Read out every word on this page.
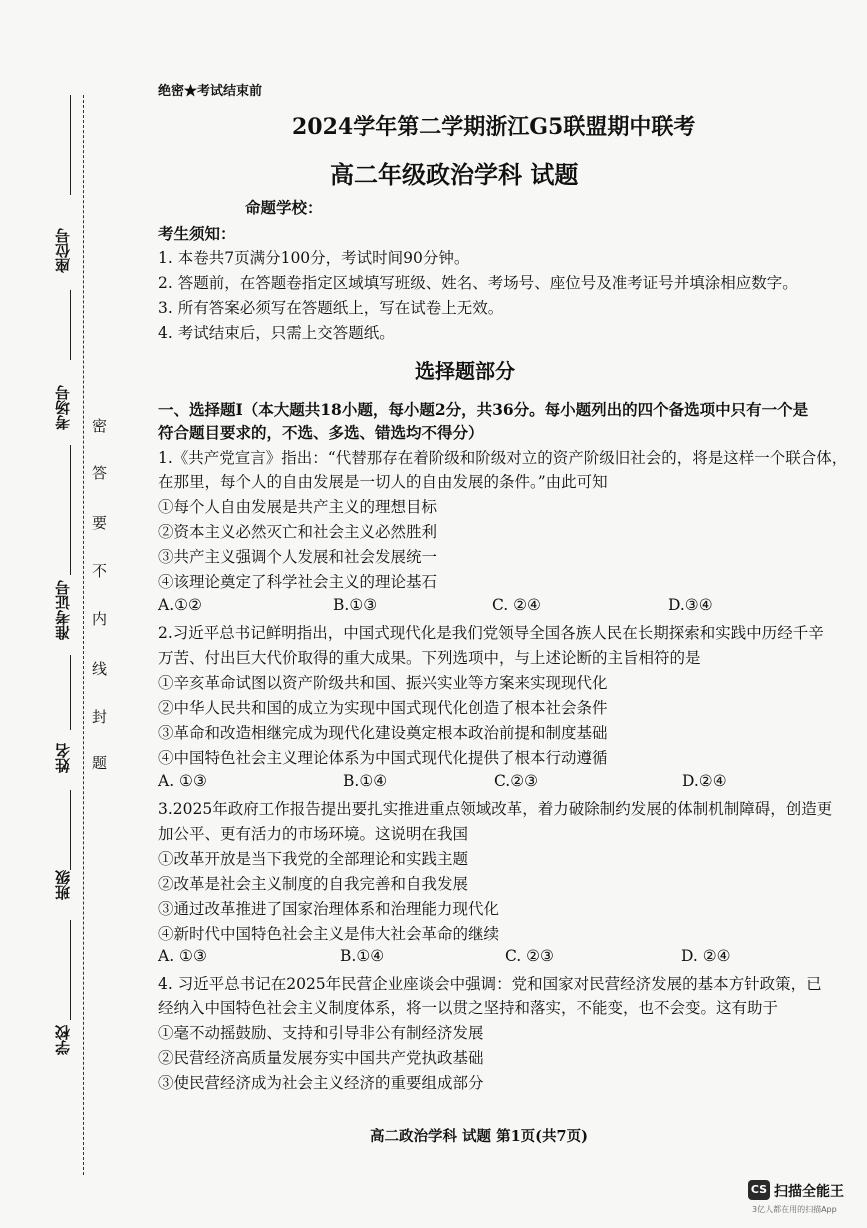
座位号
考场号
准考证号
姓名
班级
学校
密
答
要
不
内
线
封
题
绝密★考试结束前
2024学年第二学期浙江G5联盟期中联考
高二年级政治学科 试题
命题学校：
考生须知：
1. 本卷共7页满分100分，考试时间90分钟。
2. 答题前，在答题卷指定区域填写班级、姓名、考场号、座位号及准考证号并填涂相应数字。
3. 所有答案必须写在答题纸上，写在试卷上无效。
4. 考试结束后，只需上交答题纸。
选择题部分
一、选择题Ⅰ（本大题共18小题，每小题2分，共36分。每小题列出的四个备选项中只有一个是
符合题目要求的，不选、多选、错选均不得分）
1.《共产党宣言》指出：“代替那存在着阶级和阶级对立的资产阶级旧社会的，将是这样一个联合体，
在那里，每个人的自由发展是一切人的自由发展的条件。”由此可知
①每个人自由发展是共产主义的理想目标
②资本主义必然灭亡和社会主义必然胜利
③共产主义强调个人发展和社会发展统一
④该理论奠定了科学社会主义的理论基石
A.①②	B.①③	C. ②④	D.③④
2.习近平总书记鲜明指出，中国式现代化是我们党领导全国各族人民在长期探索和实践中历经千辛
万苦、付出巨大代价取得的重大成果。下列选项中，与上述论断的主旨相符的是
①辛亥革命试图以资产阶级共和国、振兴实业等方案来实现现代化
②中华人民共和国的成立为实现中国式现代化创造了根本社会条件
③革命和改造相继完成为现代化建设奠定根本政治前提和制度基础
④中国特色社会主义理论体系为中国式现代化提供了根本行动遵循
A. ①③	B.①④	C.②③	D.②④
3.2025年政府工作报告提出要扎实推进重点领域改革，着力破除制约发展的体制机制障碍，创造更
加公平、更有活力的市场环境。这说明在我国
①改革开放是当下我党的全部理论和实践主题
②改革是社会主义制度的自我完善和自我发展
③通过改革推进了国家治理体系和治理能力现代化
④新时代中国特色社会主义是伟大社会革命的继续
A. ①③	B.①④	C. ②③	D. ②④
4. 习近平总书记在2025年民营企业座谈会中强调：党和国家对民营经济发展的基本方针政策，已
经纳入中国特色社会主义制度体系，将一以贯之坚持和落实，不能变，也不会变。这有助于
①毫不动摇鼓励、支持和引导非公有制经济发展
②民营经济高质量发展夯实中国共产党执政基础
③使民营经济成为社会主义经济的重要组成部分
高二政治学科 试题 第1页(共7页)
CS 扫描全能王
3亿人都在用的扫描App
